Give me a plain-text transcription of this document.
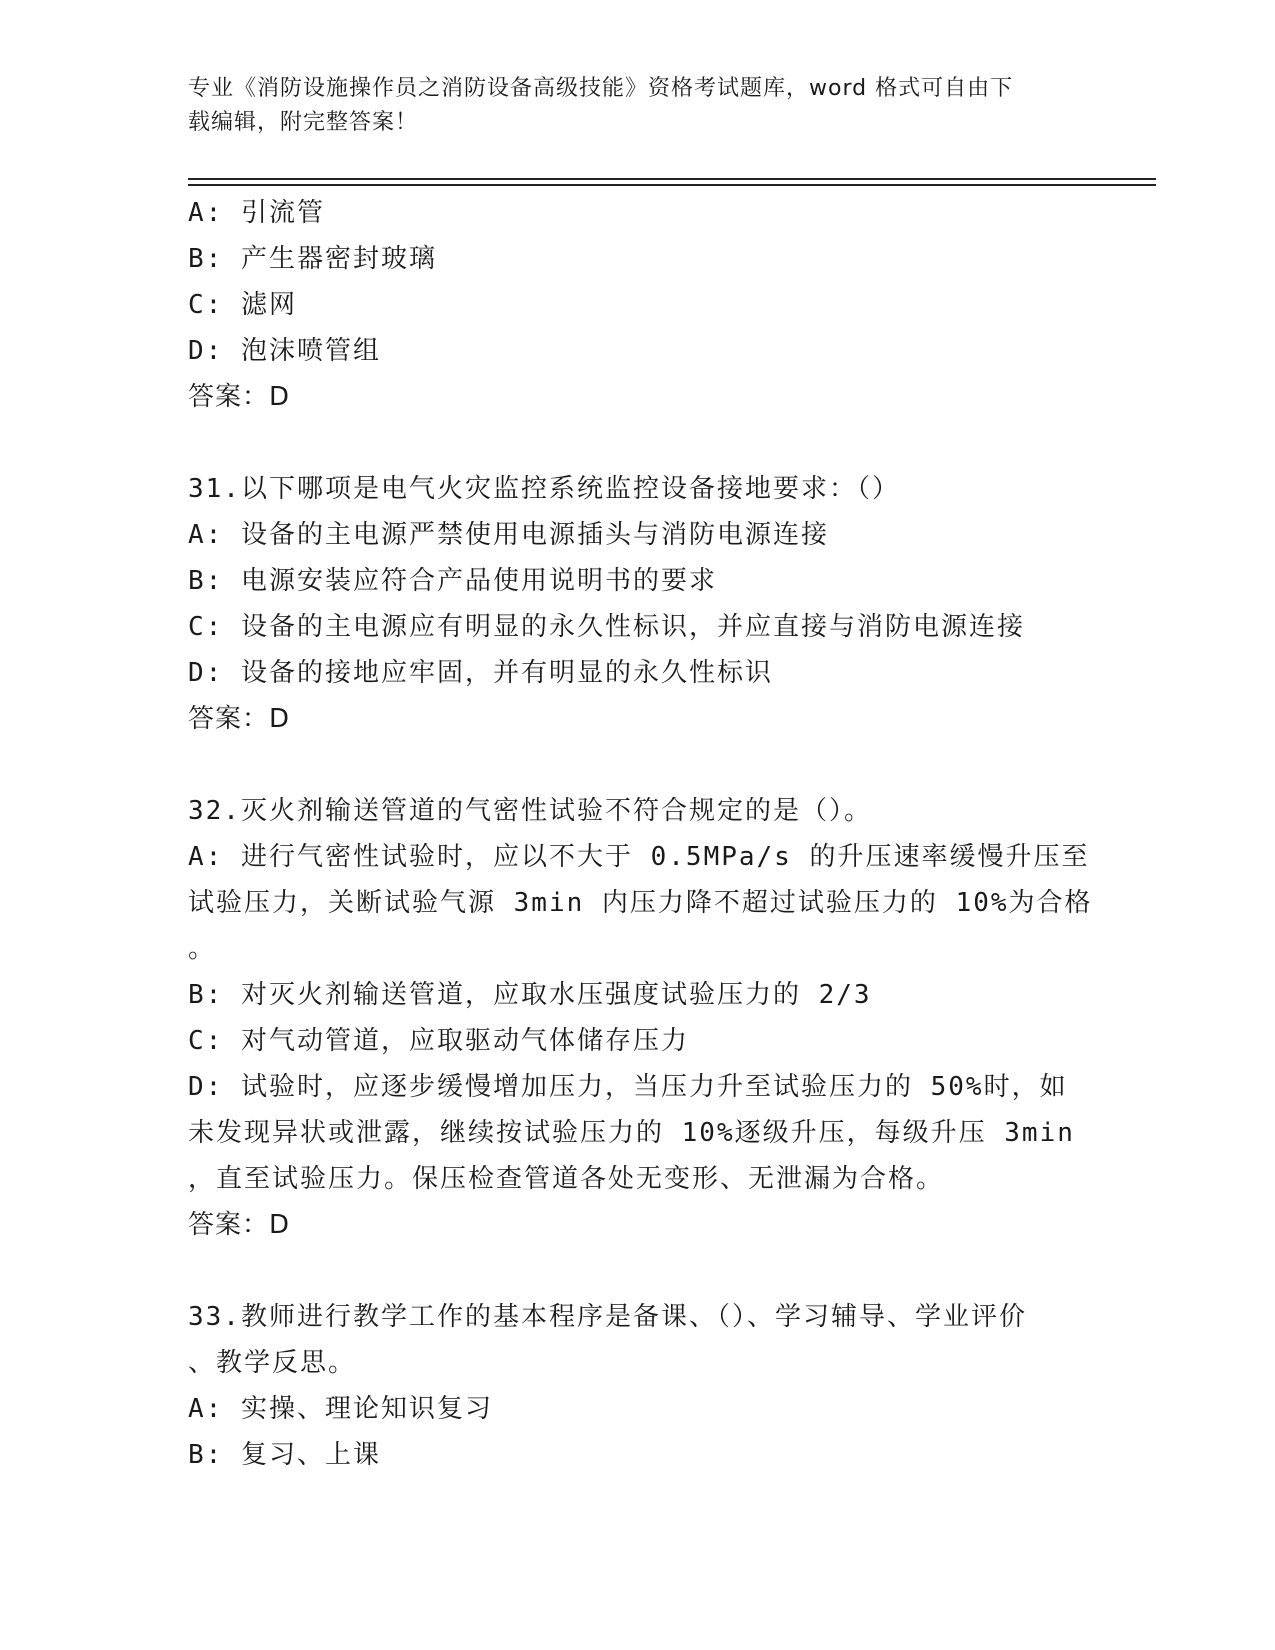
专业《消防设施操作员之消防设备高级技能》资格考试题库，word 格式可自由下
载编辑，附完整答案！
A: 引流管
B: 产生器密封玻璃
C: 滤网
D: 泡沫喷管组
答案：D
31.以下哪项是电气火灾监控系统监控设备接地要求：（）
A: 设备的主电源严禁使用电源插头与消防电源连接
B: 电源安装应符合产品使用说明书的要求
C: 设备的主电源应有明显的永久性标识，并应直接与消防电源连接
D: 设备的接地应牢固，并有明显的永久性标识
答案：D
32.灭火剂输送管道的气密性试验不符合规定的是（）。
A: 进行气密性试验时，应以不大于 0.5MPa/s 的升压速率缓慢升压至
试验压力，关断试验气源 3min 内压力降不超过试验压力的 10%为合格
。
B: 对灭火剂输送管道，应取水压强度试验压力的 2/3
C: 对气动管道，应取驱动气体储存压力
D: 试验时，应逐步缓慢增加压力，当压力升至试验压力的 50%时，如
未发现异状或泄露，继续按试验压力的 10%逐级升压，每级升压 3min
，直至试验压力。保压检查管道各处无变形、无泄漏为合格。
答案：D
33.教师进行教学工作的基本程序是备课、（）、学习辅导、学业评价
、教学反思。
A: 实操、理论知识复习
B: 复习、上课
